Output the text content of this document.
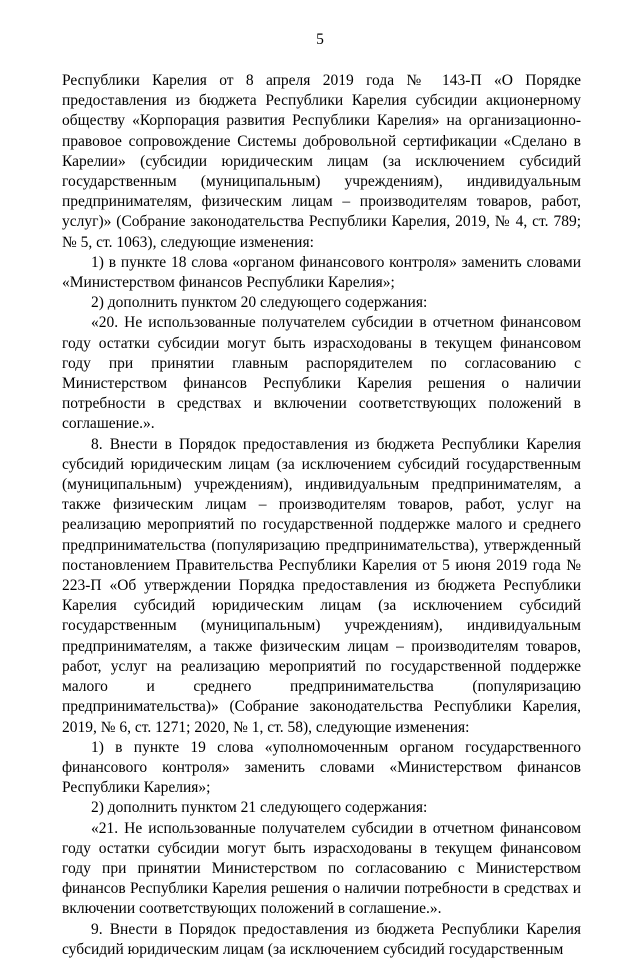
5

Республики Карелия от 8 апреля 2019 года № 143-П «О Порядке предоставления из бюджета Республики Карелия субсидии акционерному обществу «Корпорация развития Республики Карелия» на организационно-правовое сопровождение Системы добровольной сертификации «Сделано в Карелии» (субсидии юридическим лицам (за исключением субсидий государственным (муниципальным) учреждениям), индивидуальным предпринимателям, физическим лицам – производителям товаров, работ, услуг)» (Собрание законодательства Республики Карелия, 2019, № 4, ст. 789; № 5, ст. 1063), следующие изменения:

1) в пункте 18 слова «органом финансового контроля» заменить словами «Министерством финансов Республики Карелия»;

2) дополнить пунктом 20 следующего содержания:

«20. Не использованные получателем субсидии в отчетном финансовом году остатки субсидии могут быть израсходованы в текущем финансовом году при принятии главным распорядителем по согласованию с Министерством финансов Республики Карелия решения о наличии потребности в средствах и включении соответствующих положений в соглашение.».

8. Внести в Порядок предоставления из бюджета Республики Карелия субсидий юридическим лицам (за исключением субсидий государственным (муниципальным) учреждениям), индивидуальным предпринимателям, а также физическим лицам – производителям товаров, работ, услуг на реализацию мероприятий по государственной поддержке малого и среднего предпринимательства (популяризацию предпринимательства), утвержденный постановлением Правительства Республики Карелия от 5 июня 2019 года № 223-П «Об утверждении Порядка предоставления из бюджета Республики Карелия субсидий юридическим лицам (за исключением субсидий государственным (муниципальным) учреждениям), индивидуальным предпринимателям, а также физическим лицам – производителям товаров, работ, услуг на реализацию мероприятий по государственной поддержке малого и среднего предпринимательства (популяризацию предпринимательства)» (Собрание законодательства Республики Карелия, 2019, № 6, ст. 1271; 2020, № 1, ст. 58), следующие изменения:

1) в пункте 19 слова «уполномоченным органом государственного финансового контроля» заменить словами «Министерством финансов Республики Карелия»;

2) дополнить пунктом 21 следующего содержания:

«21. Не использованные получателем субсидии в отчетном финансовом году остатки субсидии могут быть израсходованы в текущем финансовом году при принятии Министерством по согласованию с Министерством финансов Республики Карелия решения о наличии потребности в средствах и включении соответствующих положений в соглашение.».

9. Внести в Порядок предоставления из бюджета Республики Карелия субсидий юридическим лицам (за исключением субсидий государственным
